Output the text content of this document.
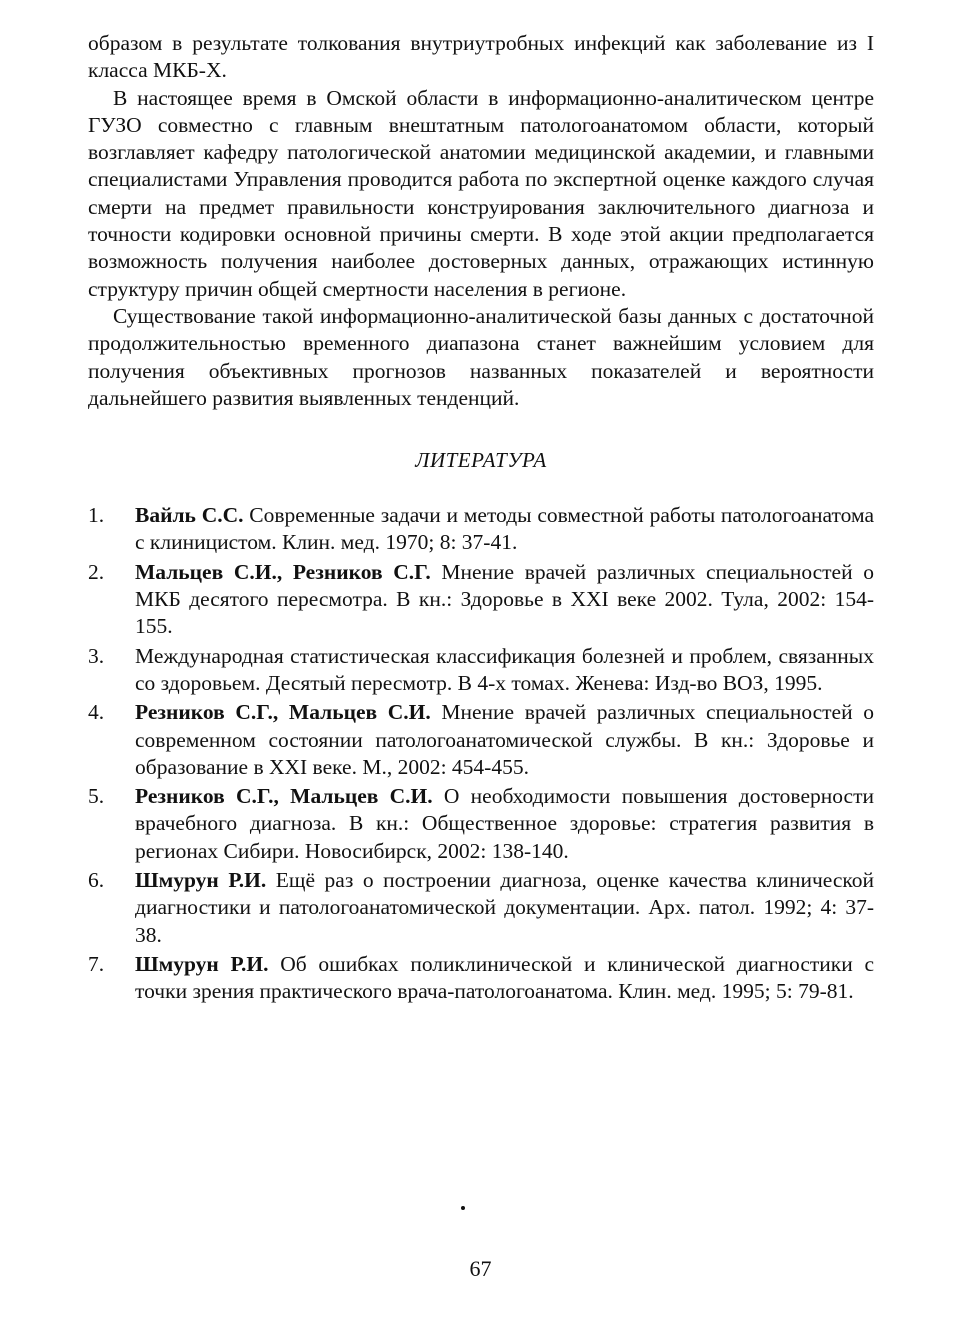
образом в результате толкования внутриутробных инфекций как заболевание из I класса МКБ-X.

В настоящее время в Омской области в информационно-аналитическом центре ГУЗО совместно с главным внештатным патологоанатомом области, который возглавляет кафедру патологической анатомии медицинской академии, и главными специалистами Управления проводится работа по экспертной оценке каждого случая смерти на предмет правильности конструирования заключительного диагноза и точности кодировки основной причины смерти. В ходе этой акции предполагается возможность получения наиболее достоверных данных, отражающих истинную структуру причин общей смертности населения в регионе.

Существование такой информационно-аналитической базы данных с достаточной продолжительностью временного диапазона станет важнейшим условием для получения объективных прогнозов названных показателей и вероятности дальнейшего развития выявленных тенденций.

ЛИТЕРАТУРА
1. Вайль С.С. Современные задачи и методы совместной работы патологоанатома с клиницистом. Клин. мед. 1970; 8: 37-41.
2. Мальцев С.И., Резников С.Г. Мнение врачей различных специальностей о МКБ десятого пересмотра. В кн.: Здоровье в XXI веке 2002. Тула, 2002: 154-155.
3. Международная статистическая классификация болезней и проблем, связанных со здоровьем. Десятый пересмотр. В 4-х томах. Женева: Изд-во ВОЗ, 1995.
4. Резников С.Г., Мальцев С.И. Мнение врачей различных специальностей о современном состоянии патологоанатомической службы. В кн.: Здоровье и образование в XXI веке. М., 2002: 454-455.
5. Резников С.Г., Мальцев С.И. О необходимости повышения достоверности врачебного диагноза. В кн.: Общественное здоровье: стратегия развития в регионах Сибири. Новосибирск, 2002: 138-140.
6. Шмурун Р.И. Ещё раз о построении диагноза, оценке качества клинической диагностики и патологоанатомической документации. Арх. патол. 1992; 4: 37-38.
7. Шмурун Р.И. Об ошибках поликлинической и клинической диагностики с точки зрения практического врача-патологоанатома. Клин. мед. 1995; 5: 79-81.
67
